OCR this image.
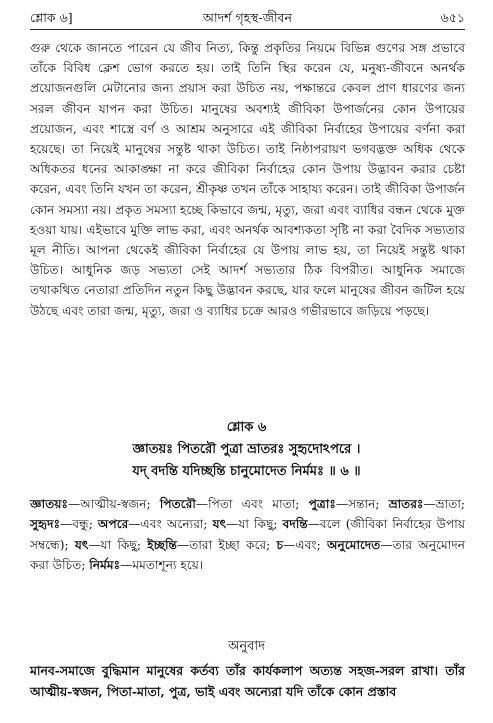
শ্লোক ৬]	আদর্শ গৃহস্থ-জীবন	৬৫১

গুরু থেকে জানতে পারেন যে জীব নিত্য, কিন্তু প্রকৃতির নিয়মে বিভিন্ন গুণের সঙ্গ প্রভাবে তাঁকে বিবিধ ক্লেশ ভোগ করতে হয়। তাই তিনি স্থির করেন যে, মনুষ্য-জীবনে অনর্থক প্রয়োজনগুলি মেটানোর জন্য প্রয়াস করা উচিত নয়, পক্ষান্তরে কেবল প্রাণ ধারণের জন্য সরল জীবন যাপন করা উচিত। মানুষের অবশ্যই জীবিকা উপার্জনের কোন উপায়ের প্রয়োজন, এবং শাস্ত্রে বর্ণ ও আশ্রম অনুসারে এই জীবিকা নির্বাহের উপায়ের বর্ণনা করা হয়েছে। তা নিয়েই মানুষের সন্তুষ্ট থাকা উচিত। তাই নিষ্ঠাপরায়ণ ভগবদ্ভক্ত অধিক থেকে অধিকতর ধনের আকাঙ্ক্ষা না করে জীবিকা নির্বাহের কোন উপায় উদ্ভাবন করার চেষ্টা করেন, এবং তিনি যখন তা করেন, শ্রীকৃষ্ণ তখন তাঁকে সাহায্য করেন। তাই জীবিকা উপার্জন কোন সমস্যা নয়। প্রকৃত সমস্যা হচ্ছে কিভাবে জন্ম, মৃত্যু, জরা এবং ব্যাধির বন্ধন থেকে মুক্ত হওয়া যায়। এইভাবে মুক্তি লাভ করা, এবং অনর্থক আবশ্যকতা সৃষ্টি না করা বৈদিক সভ্যতার মূল নীতি। আপনা থেকেই জীবিকা নির্বাহের যে উপায় লাভ হয়, তা নিয়েই সন্তুষ্ট থাকা উচিত। আধুনিক জড় সভ্যতা সেই আদর্শ সভ্যতার ঠিক বিপরীত। আধুনিক সমাজে তথাকথিত নেতারা প্রতিদিন নতুন কিছু উদ্ভাবন করছে, যার ফলে মানুষের জীবন জটিল হয়ে উঠছে এবং তারা জন্ম, মৃত্যু, জরা ও ব্যাধির চক্রে আরও গভীরভাবে জড়িয়ে পড়ছে।

শ্লোক ৬
জ্ঞাতয়ঃ পিতরৌ পুত্রা ভ্রাতরঃ সুহৃদোঽপরে ।
যদ্ বদন্তি যদিচ্ছন্তি চানুমোদেত নির্মমঃ ॥ ৬ ॥
জ্ঞাতয়ঃ—আত্মীয়-স্বজন; পিতরৌ—পিতা এবং মাতা; পুত্রাঃ—সন্তান; ভ্রাতরঃ—ভ্রাতা; সুহৃদঃ—বন্ধু; অপরে—এবং অন্যেরা; যৎ—যা কিছু; বদন্তি—বলে (জীবিকা নির্বাহের উপায় সম্বন্ধে); যৎ—যা কিছু; ইচ্ছন্তি—তারা ইচ্ছা করে; চ—এবং; অনুমোদেত—তার অনুমোদন করা উচিত; নির্মমঃ—মমতাশূন্য হয়ে।
অনুবাদ

মানব-সমাজে বুদ্ধিমান মানুষের কর্তব্য তাঁর কার্যকলাপ অত্যন্ত সহজ-সরল রাখা। তাঁর আত্মীয়-স্বজন, পিতা-মাতা, পুত্র, ভাই এবং অন্যেরা যদি তাঁকে কোন প্রস্তাব
